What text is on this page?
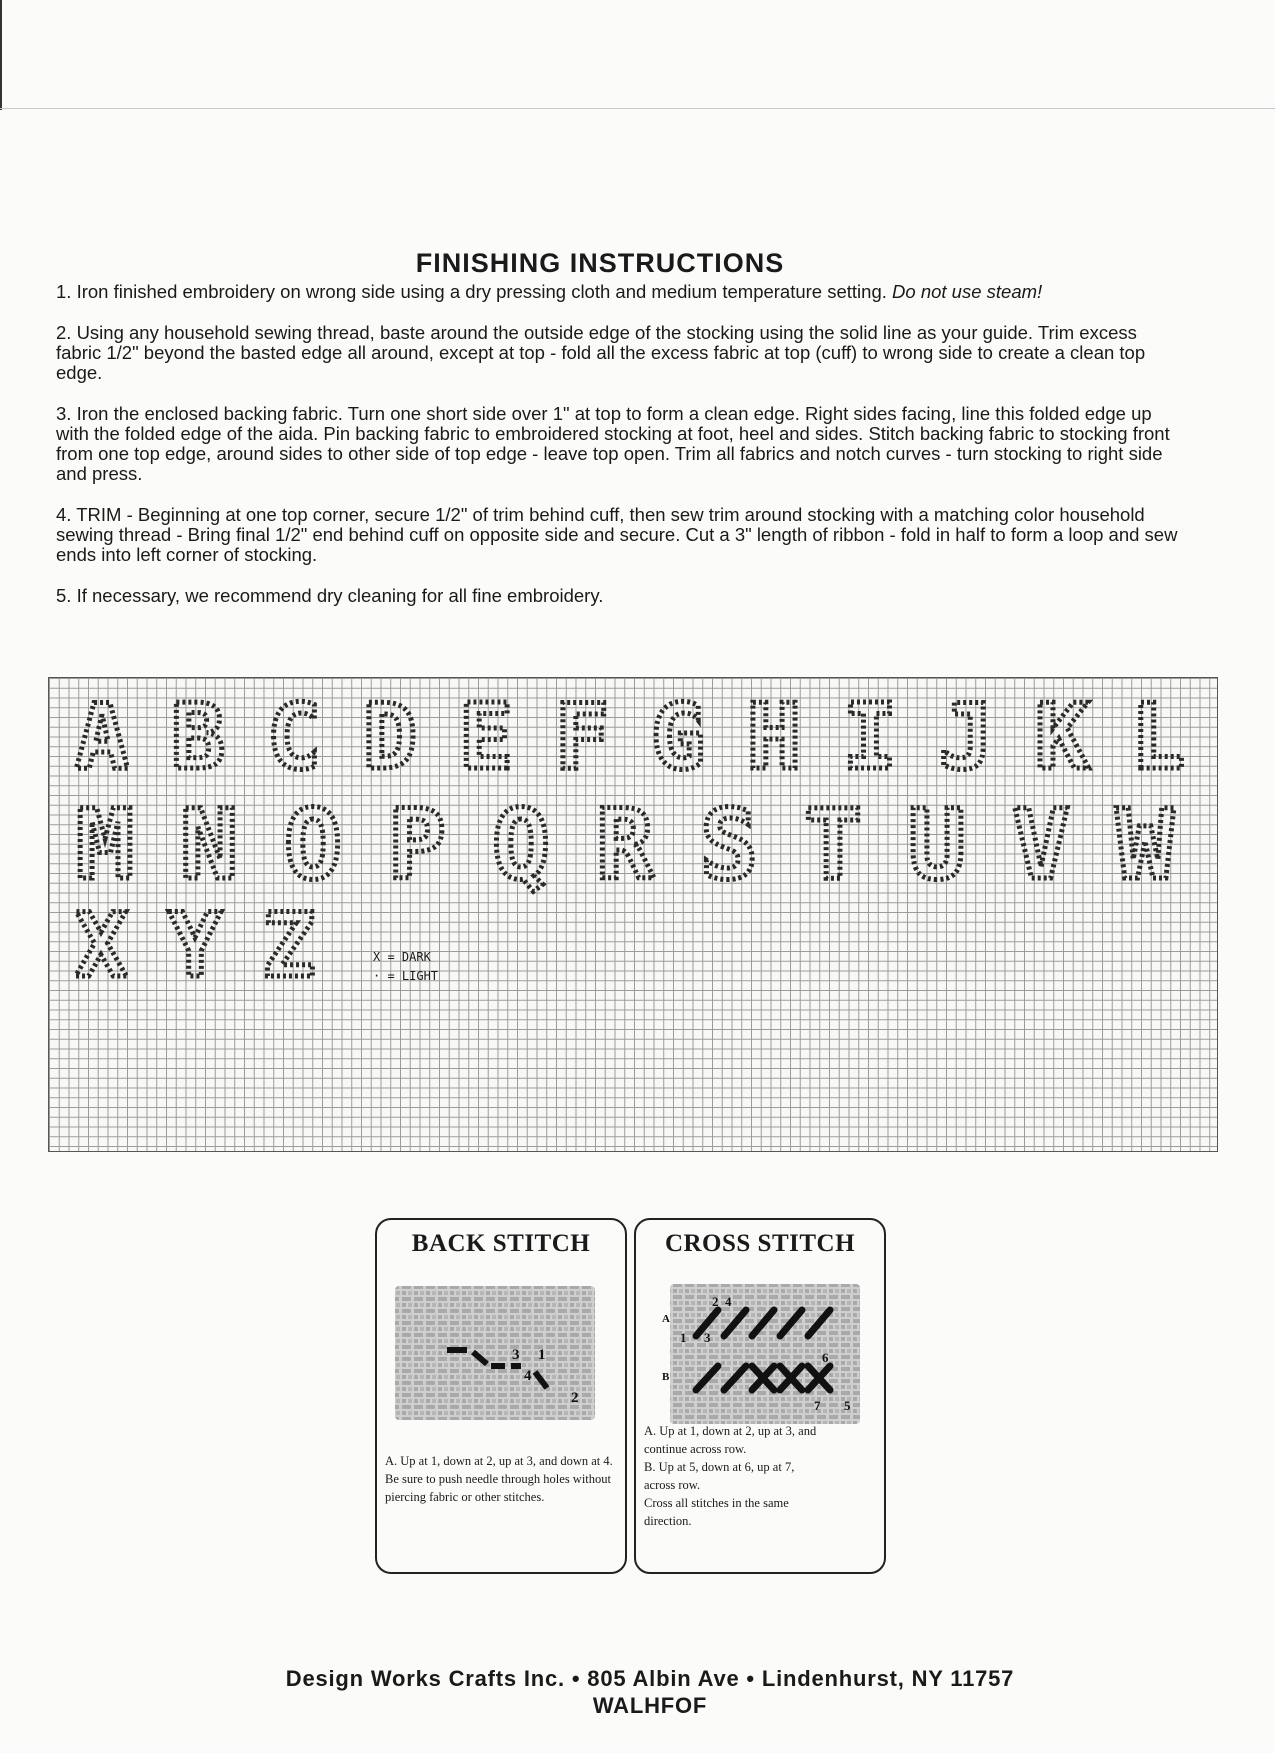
FINISHING INSTRUCTIONS

1. Iron finished embroidery on wrong side using a dry pressing cloth and medium temperature setting. Do not use steam!

2. Using any household sewing thread, baste around the outside edge of the stocking using the solid line as your guide. Trim excess fabric 1/2" beyond the basted edge all around, except at top - fold all the excess fabric at top (cuff) to wrong side to create a clean top edge.

3. Iron the enclosed backing fabric. Turn one short side over 1" at top to form a clean edge. Right sides facing, line this folded edge up with the folded edge of the aida. Pin backing fabric to embroidered stocking at foot, heel and sides. Stitch backing fabric to stocking front from one top edge, around sides to other side of top edge - leave top open. Trim all fabrics and notch curves - turn stocking to right side and press.

4. TRIM - Beginning at one top corner, secure 1/2" of trim behind cuff, then sew trim around stocking with a matching color household sewing thread - Bring final 1/2" end behind cuff on opposite side and secure. Cut a 3" length of ribbon - fold in half to form a loop and sew ends into left corner of stocking.

5. If necessary, we recommend dry cleaning for all fine embroidery.

A B C D E F G H I J K L
M N O P Q R S T U V W
X Y Z	X = DARK
· = LIGHT
BACK STITCH
3 1
4
2
A. Up at 1, down at 2, up at 3, and down at 4. Be sure to push needle through holes without piercing fabric or other stitches.
CROSS STITCH
2 4
1 3
A
B
6
7 5
A. Up at 1, down at 2, up at 3, and
continue across row.
B. Up at 5, down at 6, up at 7,
across row.
Cross all stitches in the same
direction.
Design Works Crafts Inc. • 805 Albin Ave • Lindenhurst, NY 11757
WALHFOF
